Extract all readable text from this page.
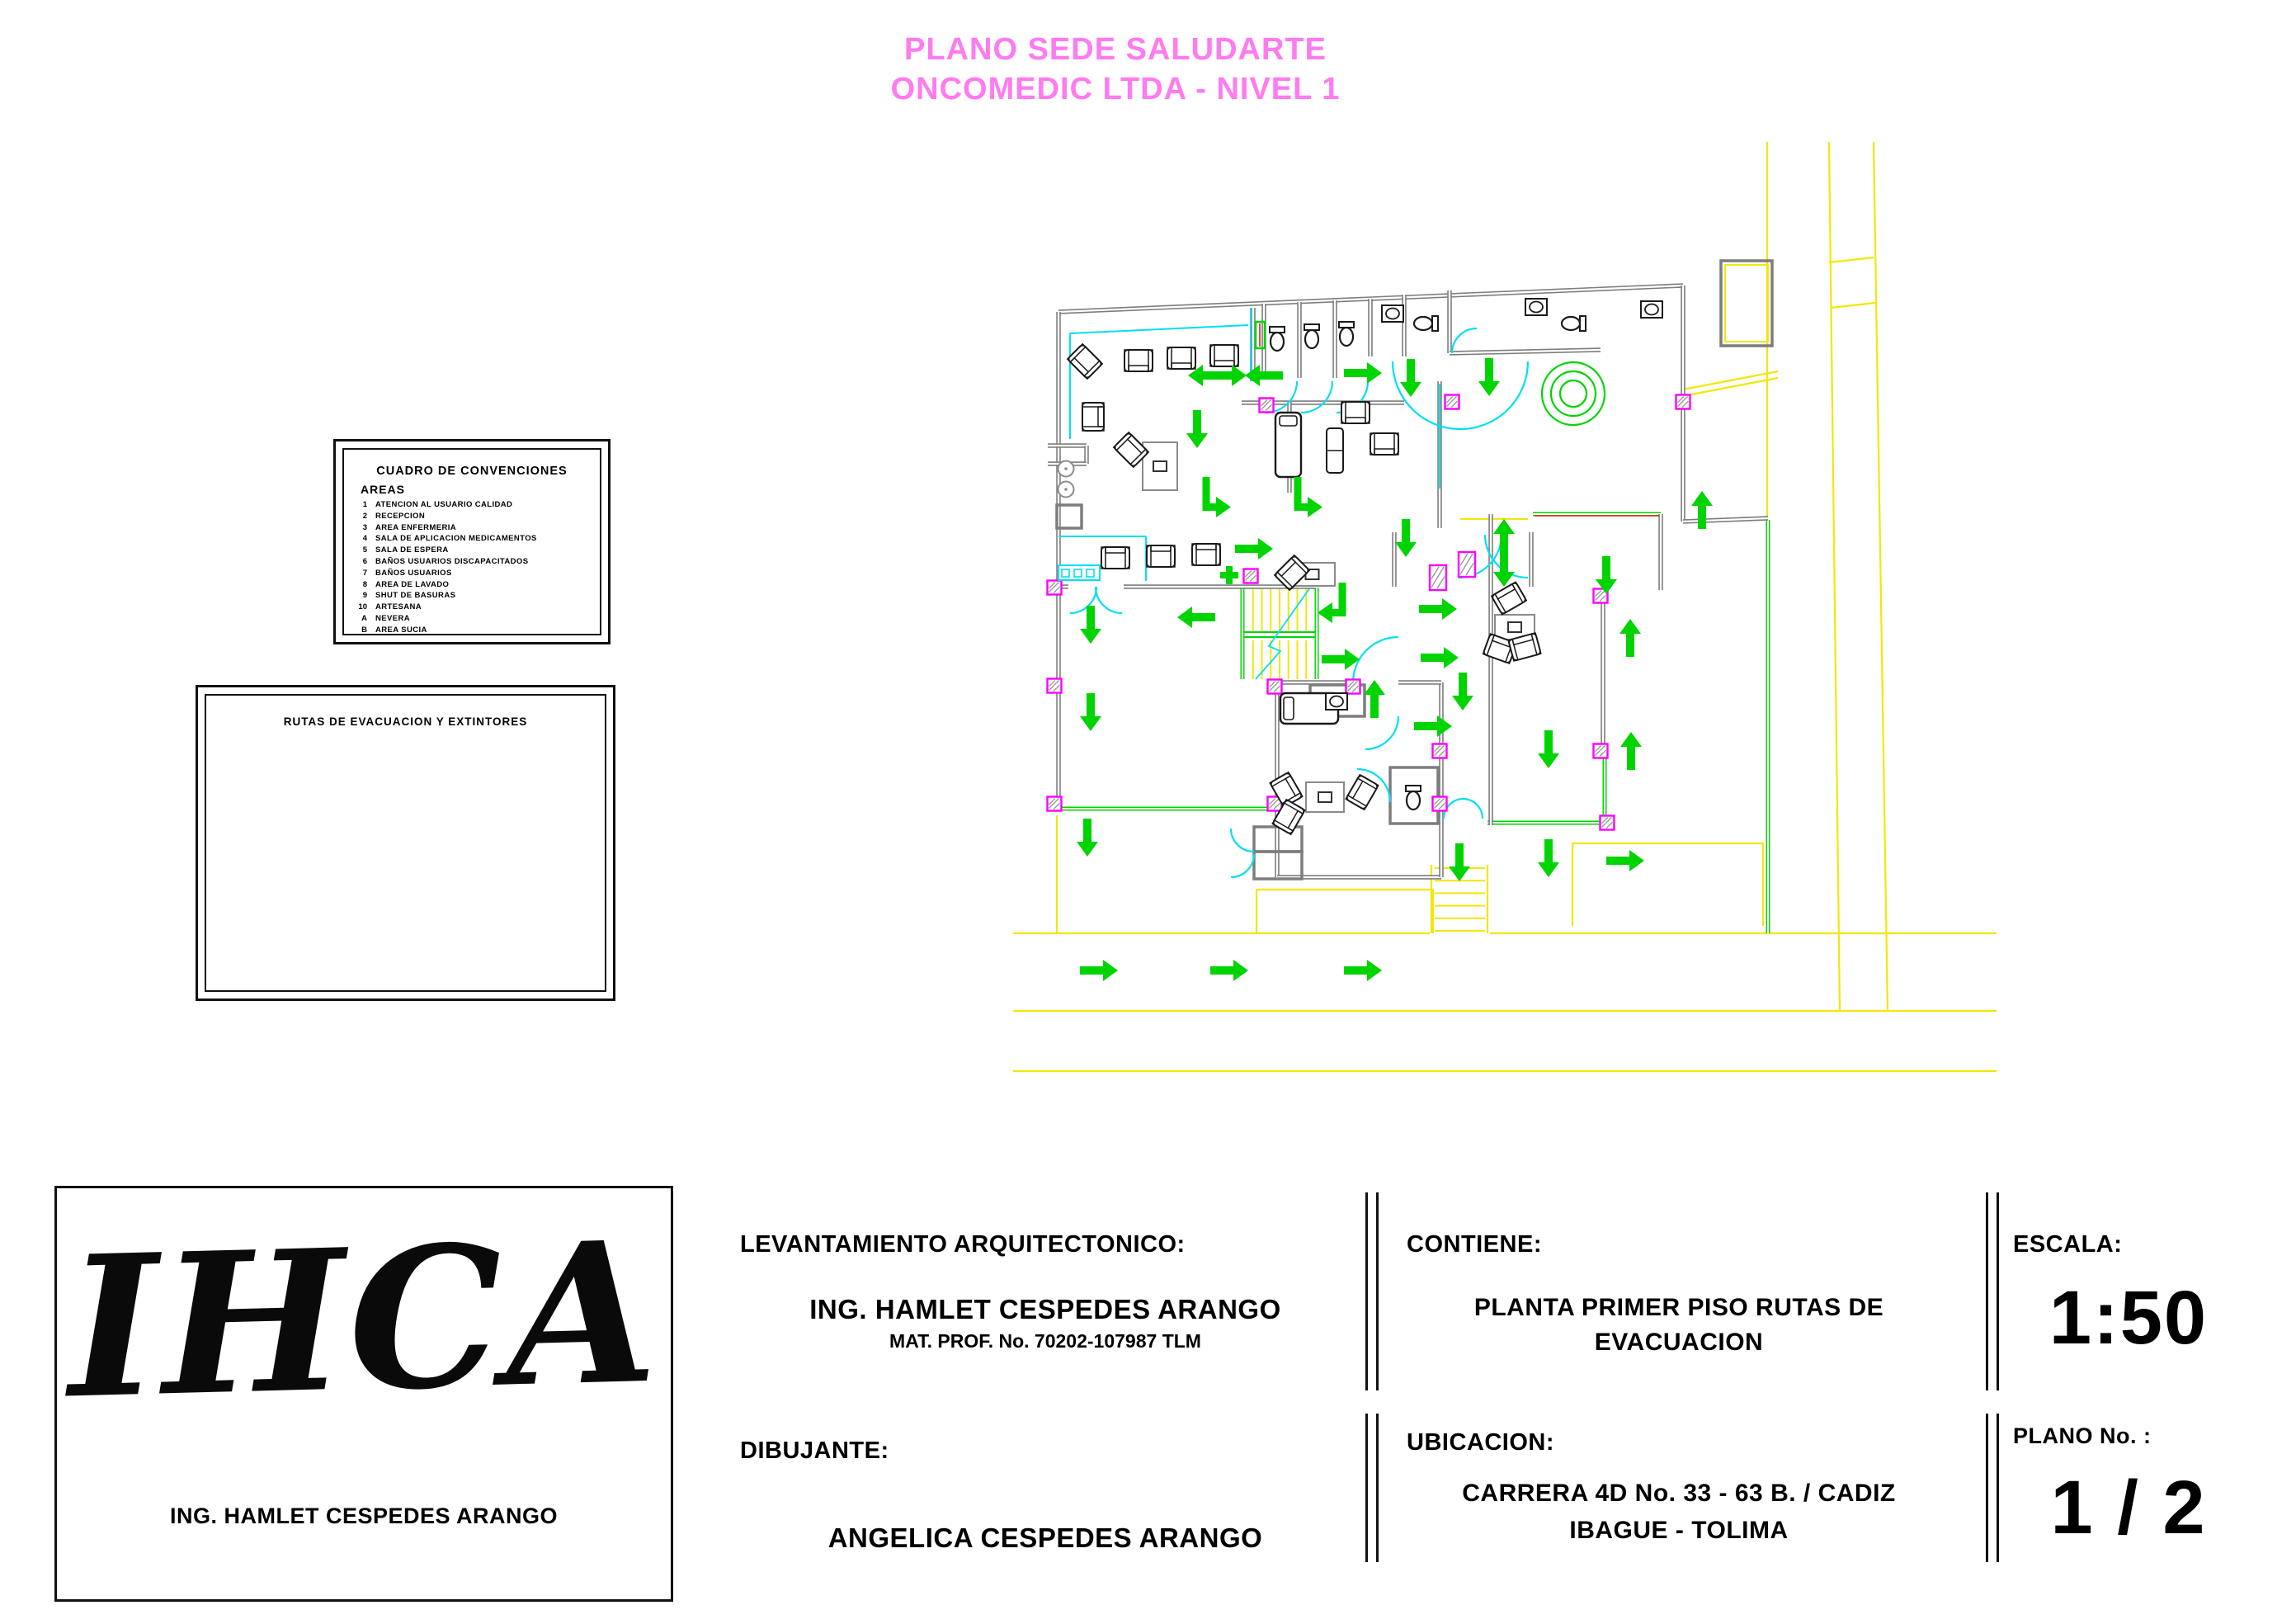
PLANO SEDE SALUDARTE
ONCOMEDIC LTDA - NIVEL 1
CUADRO DE CONVENCIONES
AREAS
1 ATENCION AL USUARIO CALIDAD
2 RECEPCION
3 AREA ENFERMERIA
4 SALA DE APLICACION MEDICAMENTOS
5 SALA DE ESPERA
6 BAÑOS USUARIOS DISCAPACITADOS
7 BAÑOS USUARIOS
8 AREA DE LAVADO
9 SHUT DE BASURAS
10 ARTESANA
A NEVERA
B AREA SUCIA
RUTAS DE EVACUACION Y EXTINTORES
IHCA
ING. HAMLET CESPEDES ARANGO
LEVANTAMIENTO ARQUITECTONICO:
ING. HAMLET CESPEDES ARANGO
MAT. PROF. No. 70202-107987 TLM
DIBUJANTE:
ANGELICA CESPEDES ARANGO
CONTIENE:
PLANTA PRIMER PISO RUTAS DE
EVACUACION
UBICACION:
CARRERA 4D No. 33 - 63 B. / CADIZ
IBAGUE - TOLIMA
ESCALA:
1:50
PLANO No. :
1 / 2
